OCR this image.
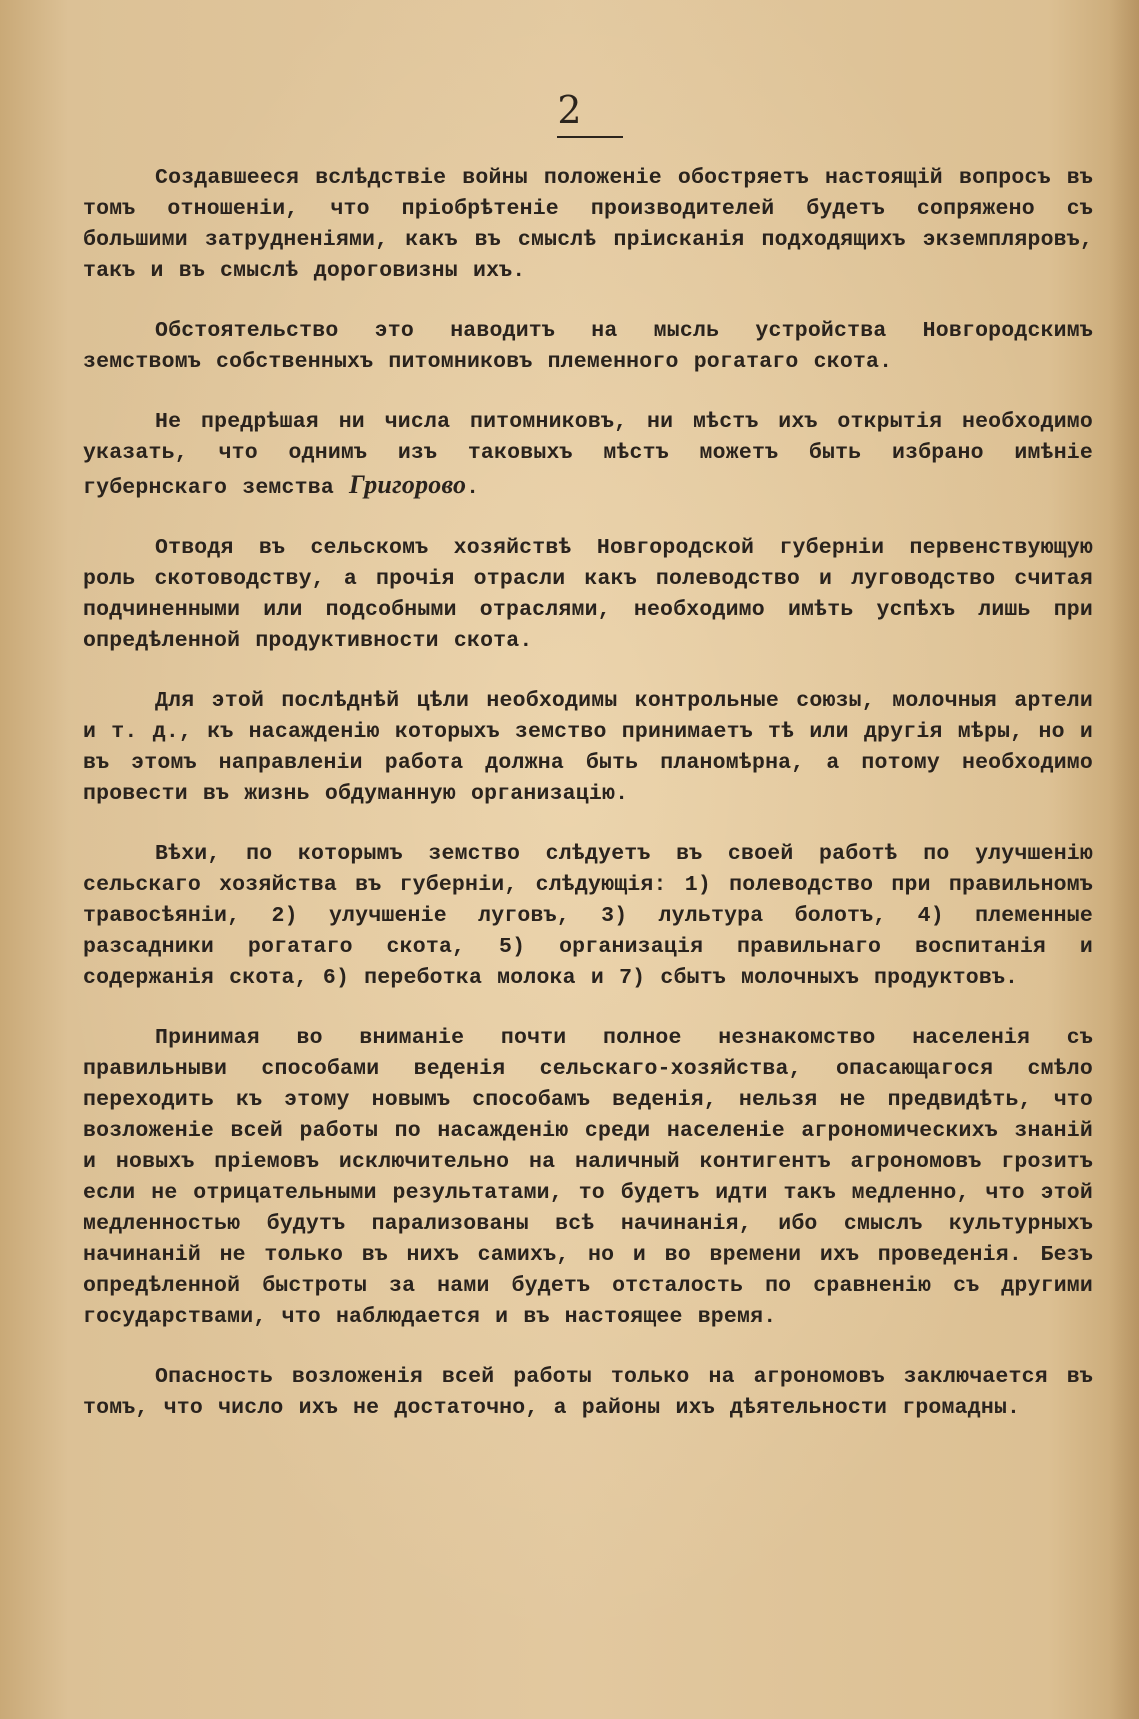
2

Создавшееся вслѣдствіе войны положеніе обостряетъ настоящій вопросъ въ томъ отношеніи, что пріобрѣтеніе производителей будетъ сопряжено съ большими затрудненіями, какъ въ смыслѣ прiисканія подходящихъ экземпляровъ, такъ и въ смыслѣ дороговизны ихъ.

Обстоятельство это наводитъ на мысль устройства Новгородскимъ земствомъ собственныхъ питомниковъ племенного рогатаго скота.

Не предрѣшая ни числа питомниковъ, ни мѣстъ ихъ открытія необходимо указать, что однимъ изъ таковыхъ мѣстъ можетъ быть избрано имѣніе губернскаго земства Григорово.

Отводя въ сельскомъ хозяйствѣ Новгородской губерніи первенствующую роль скотоводству, а прочія отрасли какъ полеводство и луговодство считая подчиненными или подсобными отраслями, необходимо имѣть успѣхъ лишь при опредѣленной продуктивности скота.

Для этой послѣднѣй цѣли необходимы контрольные союзы, молочныя артели и т. д., къ насажденію которыхъ земство принимаетъ тѣ или другія мѣры, но и въ этомъ направленіи работа должна быть планомѣрна, а потому необходимо провести въ жизнь обдуманную организацію.

Вѣхи, по которымъ земство слѣдуетъ въ своей работѣ по улучшенію сельскаго хозяйства въ губерніи, слѣдующія: 1) полеводство при правильномъ травосѣяніи, 2) улучшеніе луговъ, 3) лультура болотъ, 4) племенные разсадники рогатаго скота, 5) организація правильнаго воспитанія и содержанія скота, 6) переботка молока и 7) сбытъ молочныхъ продуктовъ.

Принимая во вниманіе почти полное незнакомство населенія съ правильныви способами веденія сельскаго-хозяйства, опасающагося смѣло переходить къ этому новымъ способамъ веденія, нельзя не предвидѣть, что возложеніе всей работы по насажденію среди населеніе агрономическихъ знаній и новыхъ пріемовъ исключительно на наличный контигентъ агрономовъ грозитъ если не отрицательными результатами, то будетъ идти такъ медленно, что этой медленностью будутъ парализованы всѣ начинанія, ибо смыслъ культурныхъ начинаній не только въ нихъ самихъ, но и во времени ихъ проведенія. Безъ опредѣленной быстроты за нами будетъ отсталость по сравненію съ другими государствами, что наблюдается и въ настоящее время.

Опасность возложенія всей работы только на агрономовъ заключается въ томъ, что число ихъ не достаточно, а районы ихъ дѣятельности громадны.
